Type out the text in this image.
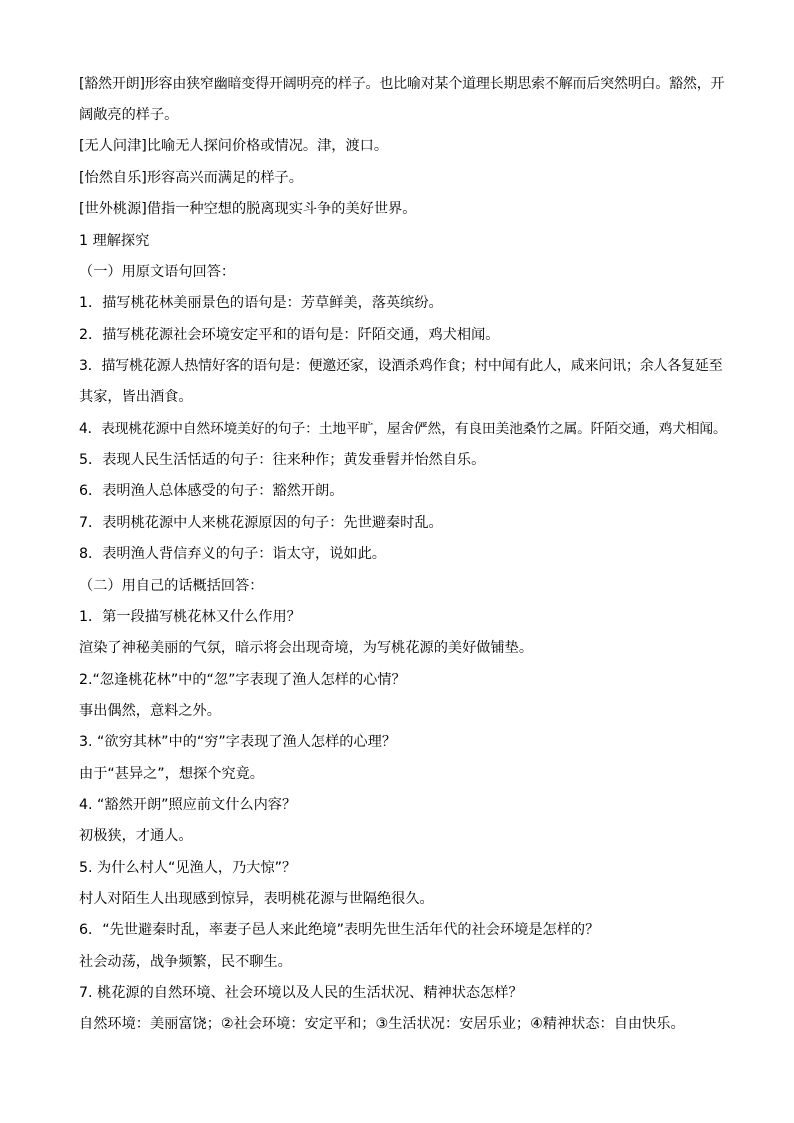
[豁然开朗]形容由狭窄幽暗变得开阔明亮的样子。也比喻对某个道理长期思索不解而后突然明白。豁然，开
阔敞亮的样子。
[无人问津]比喻无人探问价格或情况。津，渡口。
[怡然自乐]形容高兴而满足的样子。
[世外桃源]借指一种空想的脱离现实斗争的美好世界。
1 理解探究
（一）用原文语句回答：
1．描写桃花林美丽景色的语句是：芳草鲜美，落英缤纷。
2．描写桃花源社会环境安定平和的语句是：阡陌交通，鸡犬相闻。
3．描写桃花源人热情好客的语句是：便邀还家，设酒杀鸡作食；村中闻有此人，咸来问讯；余人各复延至
其家，皆出酒食。
4．表现桃花源中自然环境美好的句子：土地平旷，屋舍俨然，有良田美池桑竹之属。阡陌交通，鸡犬相闻。
5．表现人民生活恬适的句子：往来种作；黄发垂髫并怡然自乐。
6．表明渔人总体感受的句子：豁然开朗。
7．表明桃花源中人来桃花源原因的句子：先世避秦时乱。
8．表明渔人背信弃义的句子：诣太守，说如此。
（二）用自己的话概括回答：
1．第一段描写桃花林又什么作用？
渲染了神秘美丽的气氛，暗示将会出现奇境，为写桃花源的美好做铺垫。
2.“忽逢桃花林”中的“忽”字表现了渔人怎样的心情？
事出偶然，意料之外。
3. “欲穷其林”中的“穷”字表现了渔人怎样的心理？
由于“甚异之”，想探个究竟。
4. “豁然开朗”照应前文什么内容？
初极狭，才通人。
5. 为什么村人“见渔人，乃大惊”？
村人对陌生人出现感到惊异，表明桃花源与世隔绝很久。
6．“先世避秦时乱，率妻子邑人来此绝境”表明先世生活年代的社会环境是怎样的？
社会动荡，战争频繁，民不聊生。
7. 桃花源的自然环境、社会环境以及人民的生活状况、精神状态怎样？
自然环境：美丽富饶；②社会环境：安定平和；③生活状况：安居乐业；④精神状态：自由快乐。
